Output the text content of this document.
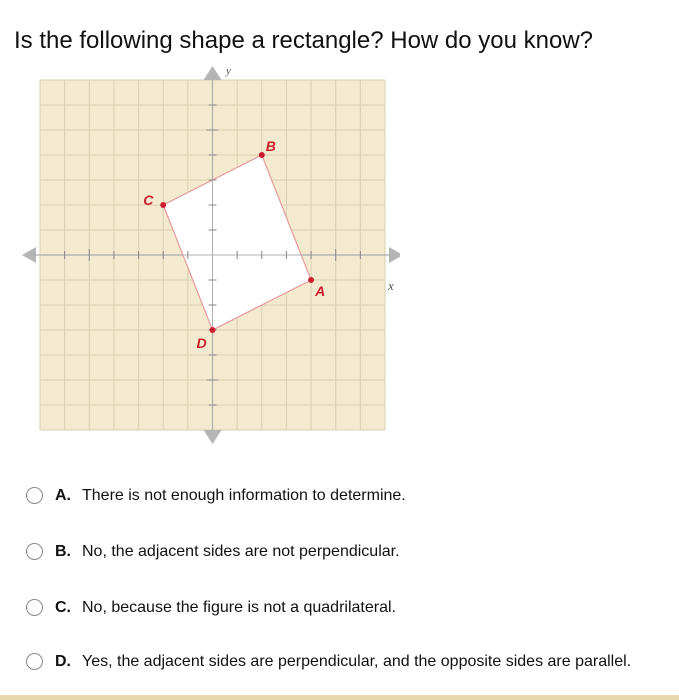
Is the following shape a rectangle? How do you know?
A
B
C
D
y
x
A. There is not enough information to determine.
B. No, the adjacent sides are not perpendicular.
C. No, because the figure is not a quadrilateral.
D. Yes, the adjacent sides are perpendicular, and the opposite sides are parallel.
